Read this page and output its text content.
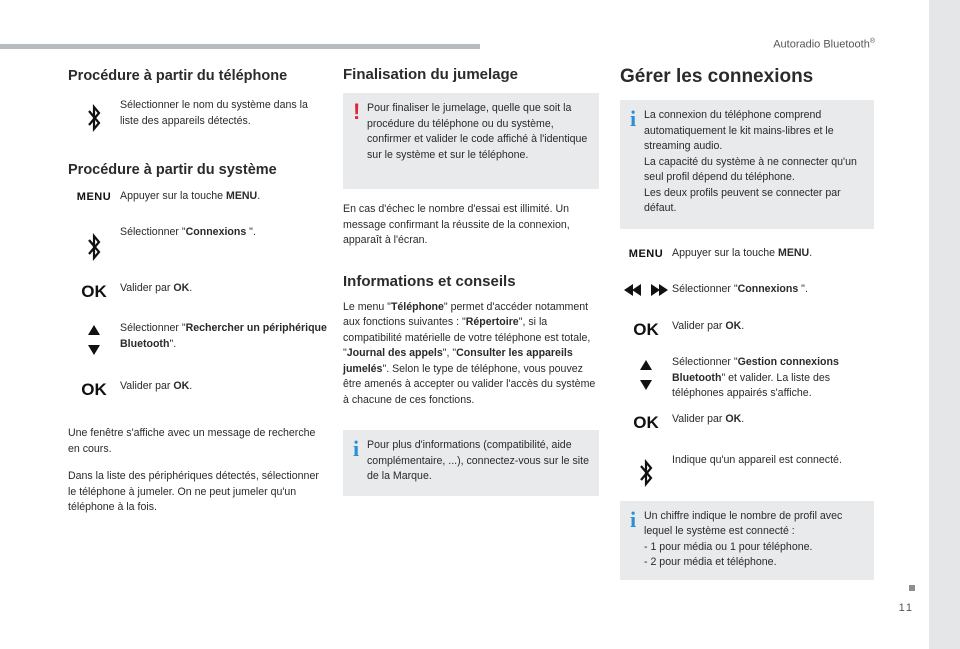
Autoradio Bluetooth®
11
Procédure à partir du téléphone
Sélectionner le nom du système dans la liste des appareils détectés.
Procédure à partir du système
MENU Appuyer sur la touche MENU.
Sélectionner "Connexions ".
OK Valider par OK.
Sélectionner "Rechercher un périphérique Bluetooth".
OK Valider par OK.

Une fenêtre s'affiche avec un message de recherche en cours.

Dans la liste des périphériques détectés, sélectionner le téléphone à jumeler. On ne peut jumeler qu'un téléphone à la fois.

Finalisation du jumelage
! Pour finaliser le jumelage, quelle que soit la procédure du téléphone ou du système, confirmer et valider le code affiché à l'identique sur le système et sur le téléphone.

En cas d'échec le nombre d'essai est illimité. Un message confirmant la réussite de la connexion, apparaît à l'écran.

Informations et conseils

Le menu "Téléphone" permet d'accéder notamment aux fonctions suivantes : "Répertoire", si la compatibilité matérielle de votre téléphone est totale, "Journal des appels", "Consulter les appareils jumelés". Selon le type de téléphone, vous pouvez être amenés à accepter ou valider l'accès du système à chacune de ces fonctions.

i Pour plus d'informations (compatibilité, aide complémentaire, ...), connectez-vous sur le site de la Marque.

Gérer les connexions
i La connexion du téléphone comprend automatiquement le kit mains-libres et le streaming audio.

La capacité du système à ne connecter qu'un seul profil dépend du téléphone.

Les deux profils peuvent se connecter par défaut.

MENU Appuyer sur la touche MENU.
Sélectionner "Connexions ".
OK Valider par OK.
Sélectionner "Gestion connexions Bluetooth" et valider. La liste des téléphones appairés s'affiche.
OK Valider par OK.
Indique qu'un appareil est connecté.
i Un chiffre indique le nombre de profil avec lequel le système est connecté :

- 1 pour média ou 1 pour téléphone.

- 2 pour média et téléphone.
